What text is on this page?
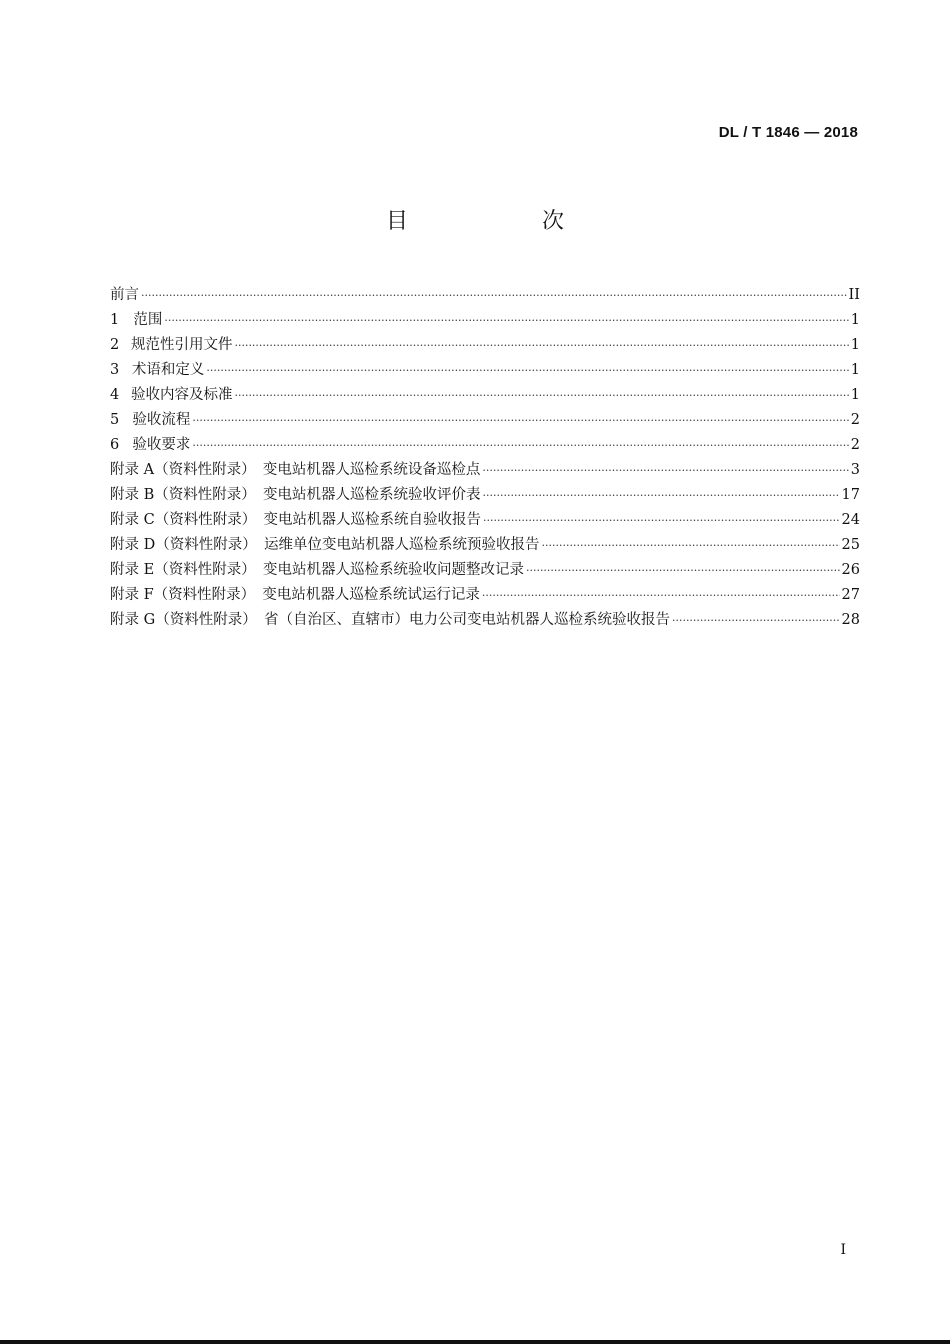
DL / T 1846 — 2018
目　次
前言 ·····	II
1 范围 ·····	1
2 规范性引用文件 ·····	1
3 术语和定义 ·····	1
4 验收内容及标准 ·····	1
5 验收流程 ·····	2
6 验收要求 ·····	2
附录 A（资料性附录）　变电站机器人巡检系统设备巡检点 ·····	3
附录 B（资料性附录）　变电站机器人巡检系统验收评价表 ·····	17
附录 C（资料性附录）　变电站机器人巡检系统自验收报告 ·····	24
附录 D（资料性附录）　运维单位变电站机器人巡检系统预验收报告 ·····	25
附录 E（资料性附录）　变电站机器人巡检系统验收问题整改记录 ·····	26
附录 F（资料性附录）　变电站机器人巡检系统试运行记录 ·····	27
附录 G（资料性附录）　省（自治区、直辖市）电力公司变电站机器人巡检系统验收报告 ·····	28
I
